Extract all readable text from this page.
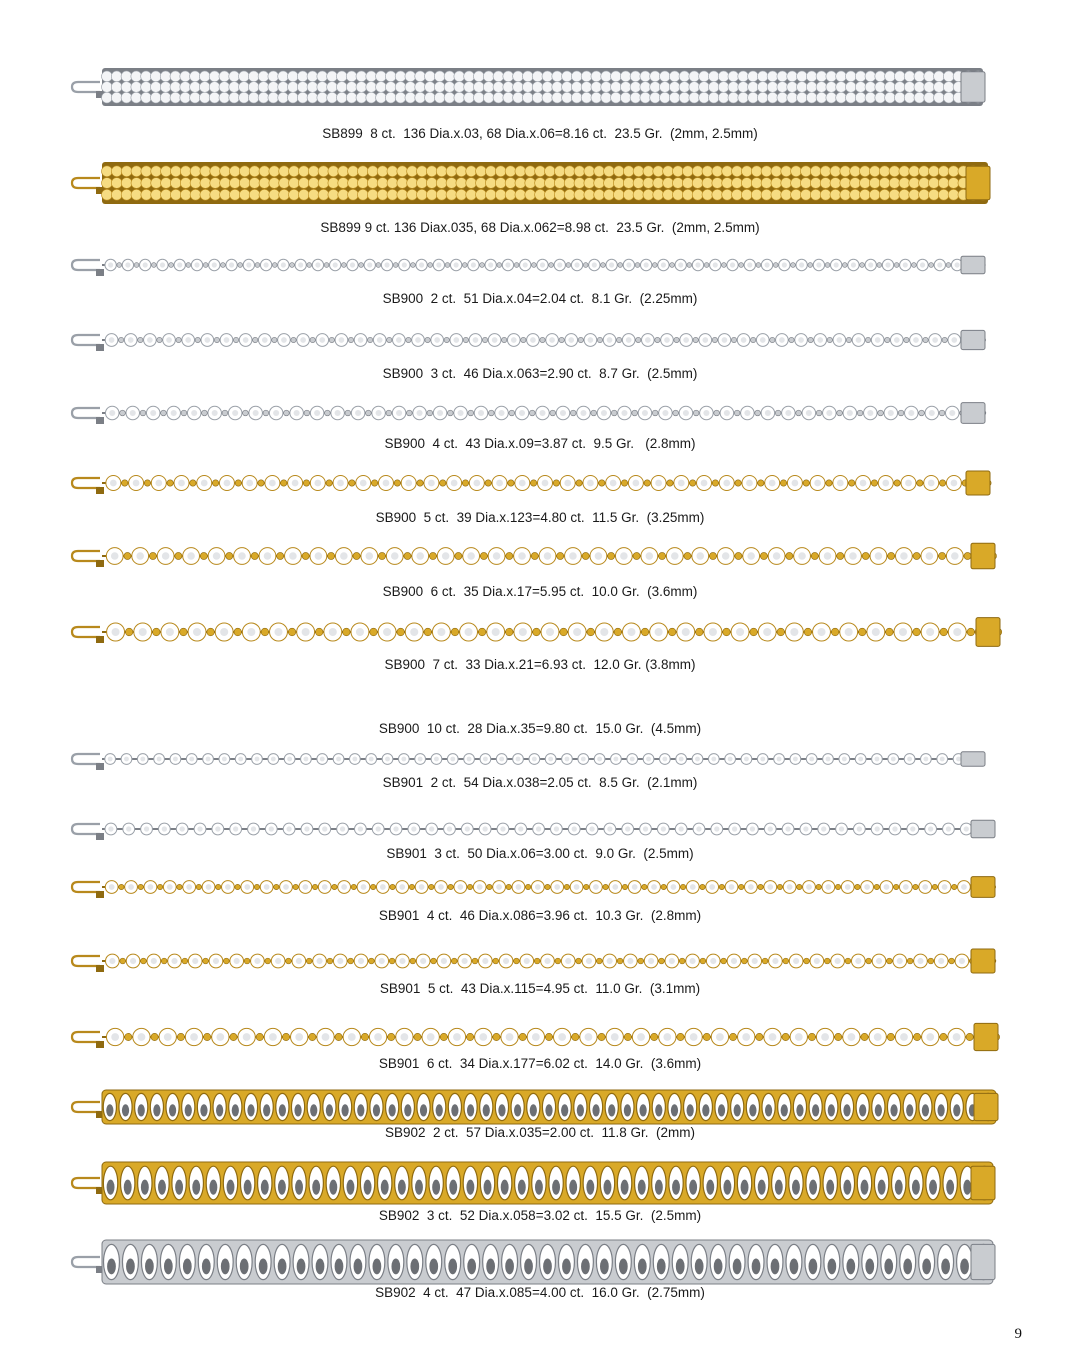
SB899  8 ct.  136 Dia.x.03, 68 Dia.x.06=8.16 ct.  23.5 Gr.  (2mm, 2.5mm)
SB899 9 ct. 136 Diax.035, 68 Dia.x.062=8.98 ct.  23.5 Gr.  (2mm, 2.5mm)
SB900  2 ct.  51 Dia.x.04=2.04 ct.  8.1 Gr.  (2.25mm)
SB900  3 ct.  46 Dia.x.063=2.90 ct.  8.7 Gr.  (2.5mm)
SB900  4 ct.  43 Dia.x.09=3.87 ct.  9.5 Gr.   (2.8mm)
SB900  5 ct.  39 Dia.x.123=4.80 ct.  11.5 Gr.  (3.25mm)
SB900  6 ct.  35 Dia.x.17=5.95 ct.  10.0 Gr.  (3.6mm)
SB900  7 ct.  33 Dia.x.21=6.93 ct.  12.0 Gr. (3.8mm)
SB900  10 ct.  28 Dia.x.35=9.80 ct.  15.0 Gr.  (4.5mm)
SB901  2 ct.  54 Dia.x.038=2.05 ct.  8.5 Gr.  (2.1mm)
SB901  3 ct.  50 Dia.x.06=3.00 ct.  9.0 Gr.  (2.5mm)
SB901  4 ct.  46 Dia.x.086=3.96 ct.  10.3 Gr.  (2.8mm)
SB901  5 ct.  43 Dia.x.115=4.95 ct.  11.0 Gr.  (3.1mm)
SB901  6 ct.  34 Dia.x.177=6.02 ct.  14.0 Gr.  (3.6mm)
SB902  2 ct.  57 Dia.x.035=2.00 ct.  11.8 Gr.  (2mm)
SB902  3 ct.  52 Dia.x.058=3.02 ct.  15.5 Gr.  (2.5mm)
SB902  4 ct.  47 Dia.x.085=4.00 ct.  16.0 Gr.  (2.75mm)
9
